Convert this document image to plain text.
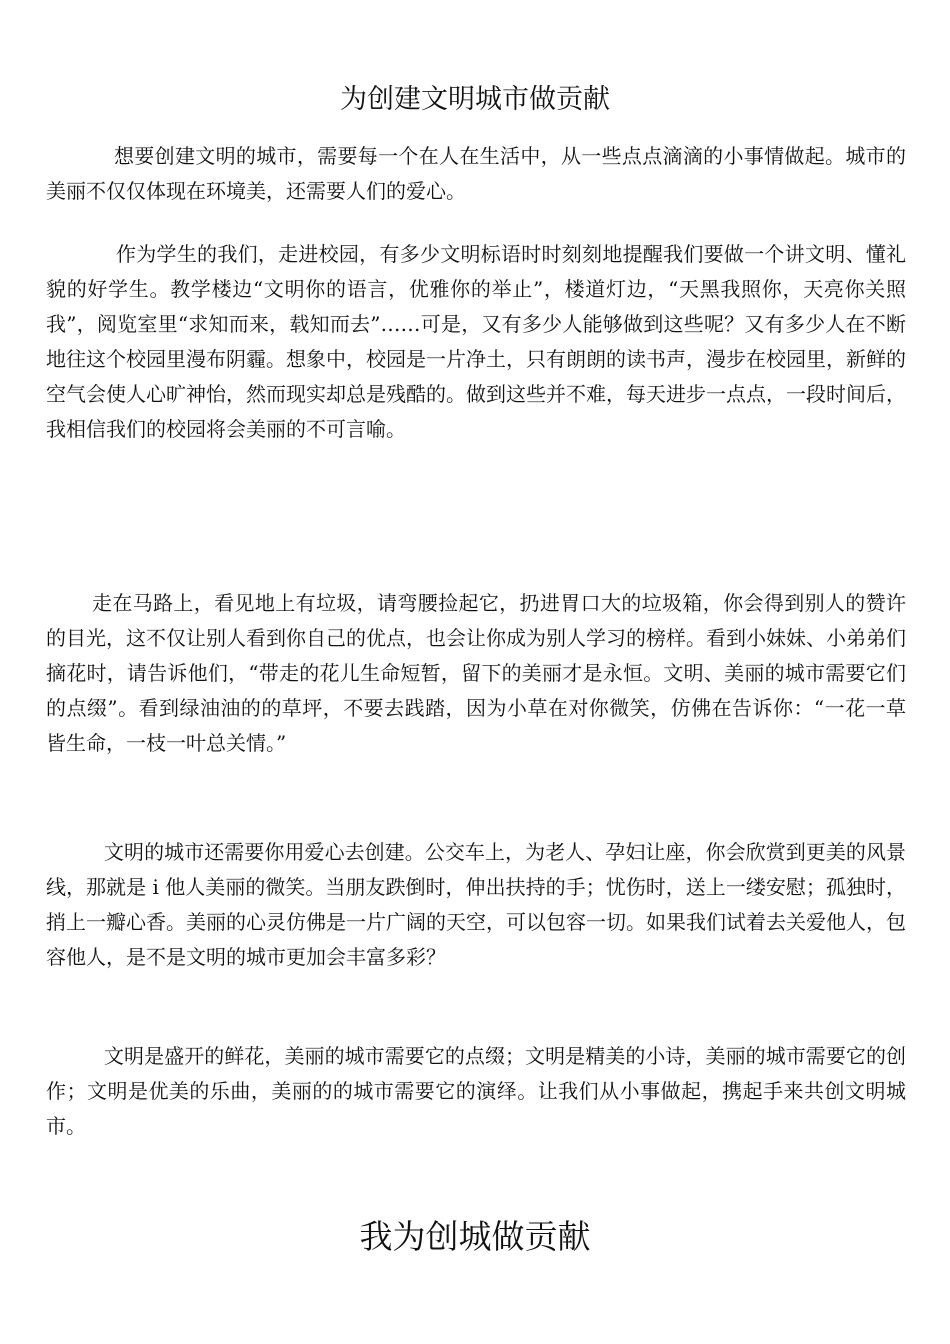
为创建文明城市做贡献

想要创建文明的城市，需要每一个在人在生活中，从一些点点滴滴的小事情做起。城市的美丽不仅仅体现在环境美，还需要人们的爱心。

作为学生的我们，走进校园，有多少文明标语时时刻刻地提醒我们要做一个讲文明、懂礼貌的好学生。教学楼边“文明你的语言，优雅你的举止”，楼道灯边，“天黑我照你，天亮你关照我”，阅览室里“求知而来，载知而去”……可是，又有多少人能够做到这些呢？又有多少人在不断地往这个校园里漫布阴霾。想象中，校园是一片净土，只有朗朗的读书声，漫步在校园里，新鲜的空气会使人心旷神怡，然而现实却总是残酷的。做到这些并不难，每天进步一点点，一段时间后，我相信我们的校园将会美丽的不可言喻。

走在马路上，看见地上有垃圾，请弯腰捡起它，扔进胃口大的垃圾箱，你会得到别人的赞许的目光，这不仅让别人看到你自己的优点，也会让你成为别人学习的榜样。看到小妹妹、小弟弟们摘花时，请告诉他们，“带走的花儿生命短暂，留下的美丽才是永恒。文明、美丽的城市需要它们的点缀”。看到绿油油的的草坪，不要去践踏，因为小草在对你微笑，仿佛在告诉你：“一花一草皆生命，一枝一叶总关情。”

文明的城市还需要你用爱心去创建。公交车上，为老人、孕妇让座，你会欣赏到更美的风景线，那就是 i 他人美丽的微笑。当朋友跌倒时，伸出扶持的手；忧伤时，送上一缕安慰；孤独时，捎上一瓣心香。美丽的心灵仿佛是一片广阔的天空，可以包容一切。如果我们试着去关爱他人，包容他人，是不是文明的城市更加会丰富多彩？

文明是盛开的鲜花，美丽的城市需要它的点缀；文明是精美的小诗，美丽的城市需要它的创作；文明是优美的乐曲，美丽的的城市需要它的演绎。让我们从小事做起，携起手来共创文明城市。

我为创城做贡献
